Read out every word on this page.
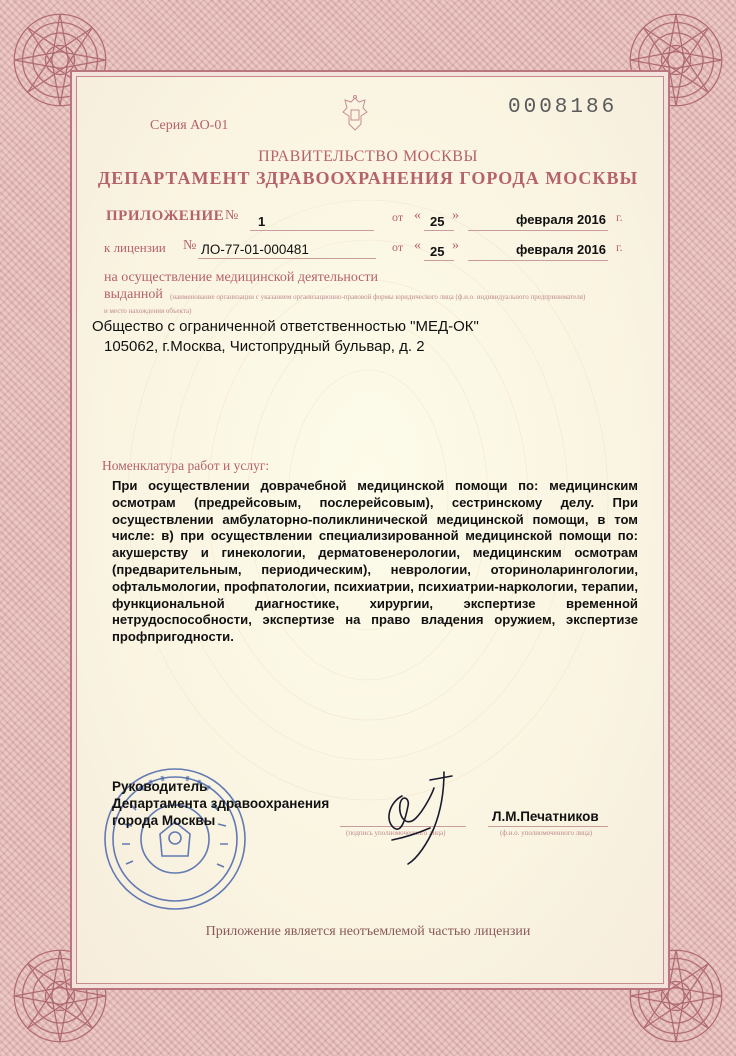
Серия АО-01
0008186
ПРАВИТЕЛЬСТВО МОСКВЫ
ДЕПАРТАМЕНТ ЗДРАВООХРАНЕНИЯ ГОРОДА МОСКВЫ
ПРИЛОЖЕНИЕ № 1	от « 25 »	февраля 2016 г.
к лицензии № ЛО-77-01-000481	от « 25 »	февраля 2016 г.
на осуществление медицинской деятельности
выданной (наименование организации с указанием организационно-правовой формы юридического лица (ф.и.о. индивидуального предпринимателя)
и место нахождения объекта)
Общество с ограниченной ответственностью "МЕД-ОК"
105062, г.Москва, Чистопрудный бульвар, д. 2
Номенклатура работ и услуг:
При осуществлении доврачебной медицинской помощи по: медицинским осмотрам (предрейсовым, послерейсовым), сестринскому делу. При осуществлении амбулаторно-поликлинической медицинской помощи, в том числе: в) при осуществлении специализированной медицинской помощи по: акушерству и гинекологии, дерматовенерологии, медицинским осмотрам (предварительным, периодическим), неврологии, оториноларингологии, офтальмологии, профпатологии, психиатрии, психиатрии-наркологии, терапии, функциональной диагностике, хирургии, экспертизе временной нетрудоспособности, экспертизе на право владения оружием, экспертизе профпригодности.
Руководитель
Департамента здравоохранения
города Москвы
(подпись уполномоченного лица)	(ф.и.о. уполномоченного лица)
Л.М.Печатников
Приложение является неотъемлемой частью лицензии
